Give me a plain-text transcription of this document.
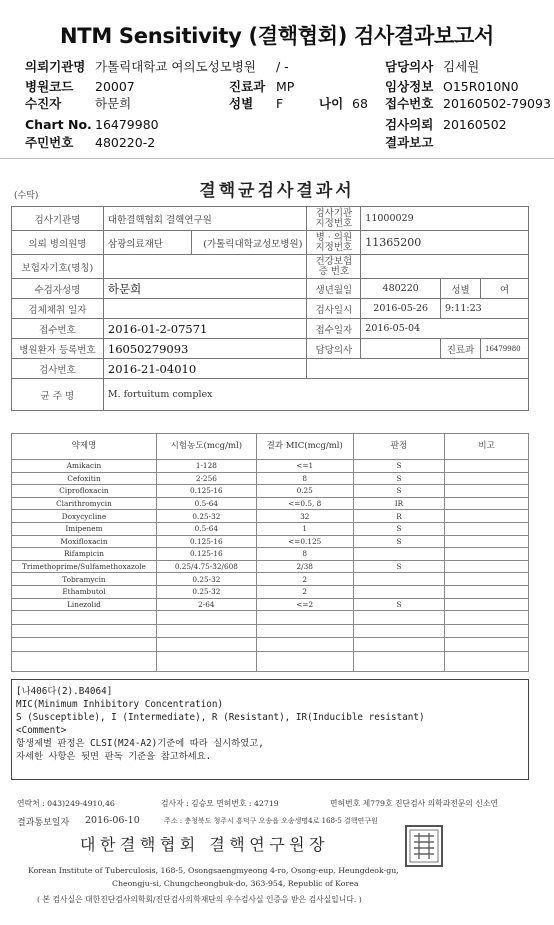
NTM Sensitivity (결핵협회) 검사결과보고서
의뢰기관명 가톨릭대학교 여의도성모병원 / -	담당의사 김세원
병원코드 20007	진료과 MP	임상정보 O15R010N0
수진자	하문희	성별 F	나이 68 접수번호 20160502-79093
Chart No. 16479980	검사의뢰 20160502
주민번호 480220-2	결과보고
(수탁)	결핵균검사결과서
검사기관명	대한결핵협회 결핵연구원		검사기관 지정번호	11000029		
의뢰 병의원명	삼광의료재단	(가톨릭대학교성모병원)	병 · 의원 지정번호	11365200		
보험자기호(명칭)			건강보험증 번호			
수검자성명	하문희		생년월일	480220	성별	여
검체채취 일자			검사일시	2016-05-26	9:11:23	
접수번호	2016-01-2-07571		접수일자	2016-05-04		
병원환자 등록번호	16050279093		담당의사		진료과	16479980
검사번호	2016-21-04010					
균 주 명	M. fortuitum complex					
약제명	시험농도(mcg/ml)	결과 MIC(mcg/ml)	판정	비고
Amikacin	1-128	<=1	S	
Cefoxitin	2-256	8	S	
Ciprofloxacin	0.125-16	0.25	S	
Clarithromycin	0.5-64	<=0.5, 8	IR	
Doxycycline	0.25-32	32	R	
Imipenem	0.5-64	1	S	
Moxifloxacin	0.125-16	<=0.125	S	
Rifampicin	0.125-16	8		
Trimethoprime/Sulfamethoxazole	0.25/4.75-32/608	2/38	S	
Tobramycin	0.25-32	2		
Ethambutol	0.25-32	2		
Linezolid	2-64	<=2	S	

[나406다(2).B4064]
MIC(Minimum Inhibitory Concentration)
S (Susceptible), I (Intermediate), R (Resistant), IR(Inducible resistant)
<Comment>
항생제별 판정은 CLSI(M24-A2)기준에 따라 실시하였고,
자세한 사항은 뒷면 판독 기준을 참고하세요.
연락처 : 043)249-4910,46	검사자 : 김승모 면허번호 : 42719	면허번호 제779호 진단검사 의학과전문의 신소연
결과통보일자 2016-06-10	주소 : 충청북도 청주시 흥덕구 오송읍 오송생명4로 168-5 결핵연구원
대한결핵협회 결핵연구원장
Korean Institute of Tuberculosis, 168-5, Osongsaengmyeong 4-ro, Osong-eup, Heungdeok-gu,
Cheongju-si, Chungcheongbuk-do, 363-954, Republic of Korea
( 본 검사실은 대한진단검사의학회/진단검사의학재단의 우수검사실 인증을 받은 검사실입니다. )
